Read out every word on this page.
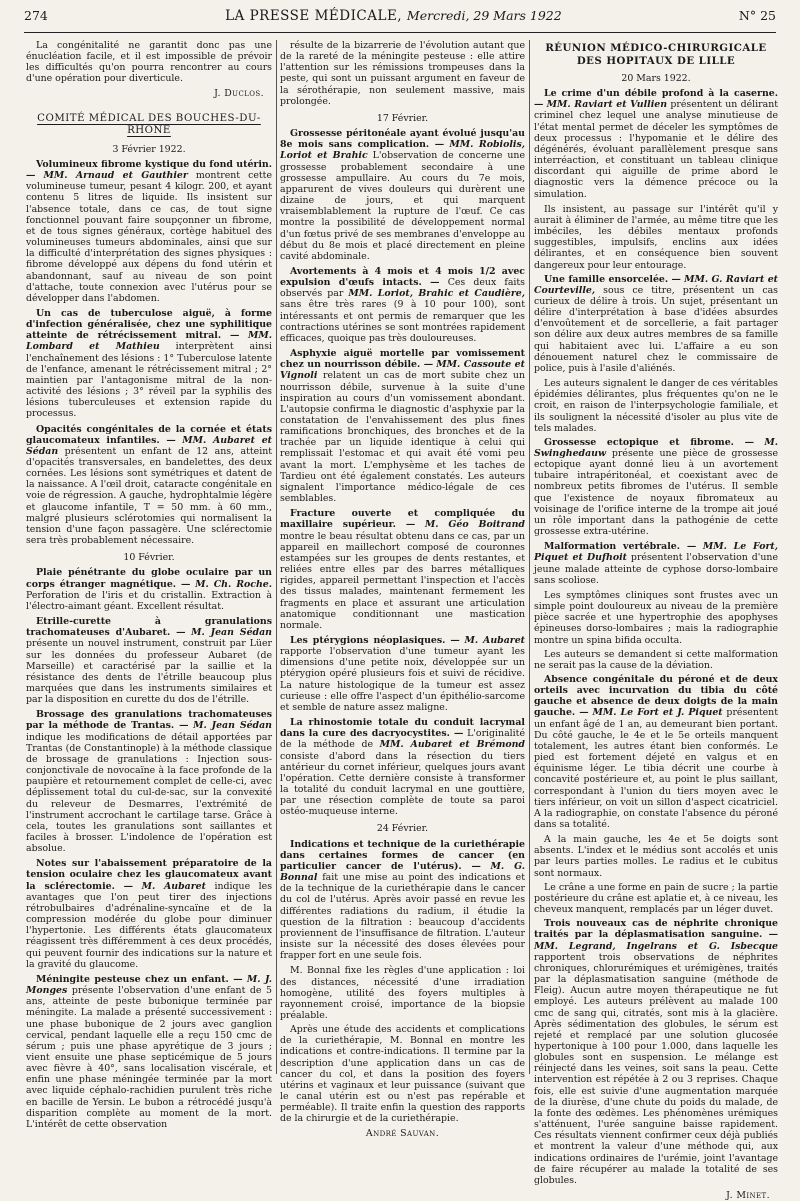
274	LA PRESSE MÉDICALE, Mercredi, 29 Mars 1922	N° 25

La congénitalité ne garantit donc pas une énucléation facile, et il est impossible de prévoir les difficultés qu'on pourra rencontrer au cours d'une opération pour diverticule.

J. Duclos.
COMITÉ MÉDICAL DES BOUCHES-DU-RHONE
3 Février 1922.
Volumineux fibrome kystique du fond utérin. — MM. Arnaud et Gauthier montrent cette volumineuse tumeur, pesant 4 kilogr. 200, et ayant contenu 5 litres de liquide. Ils insistent sur l'absence totale, dans ce cas, de tout signe fonctionnel pouvant faire soupçonner un fibrome, et de tous signes généraux, cortège habituel des volumineuses tumeurs abdominales, ainsi que sur la difficulté d'interprétation des signes physiques : fibrome développé aux dépens du fond utérin et abandonnant, sauf au niveau de son point d'attache, toute connexion avec l'utérus pour se développer dans l'abdomen.
Un cas de tuberculose aiguë, à forme d'infection généralisée, chez une syphilitique atteinte de rétrécissement mitral. — MM. Lombard et Mathieu interprètent ainsi l'enchaînement des lésions : 1° Tuberculose latente de l'enfance, amenant le rétrécissement mitral ; 2° maintien par l'antagonisme mitral de la non-activité des lésions ; 3° réveil par la syphilis des lésions tuberculeuses et extension rapide du processus.
Opacités congénitales de la cornée et états glaucomateux infantiles. — MM. Aubaret et Sédan présentent un enfant de 12 ans, atteint d'opacités transversales, en bandelettes, des deux cornées. Les lésions sont symétriques et datent de la naissance. A l'œil droit, cataracte congénitale en voie de régression. A gauche, hydrophtalmie légère et glaucome infantile, T = 50 mm. à 60 mm., malgré plusieurs sclérotomies qui normalisent la tension d'une façon passagère. Une sclérectomie sera très probablement nécessaire.
10 Février.
Plaie pénétrante du globe oculaire par un corps étranger magnétique. — M. Ch. Roche. Perforation de l'iris et du cristallin. Extraction à l'électro-aimant géant. Excellent résultat.
Etrille-curette à granulations trachomateuses d'Aubaret. — M. Jean Sédan présente un nouvel instrument, construit par Lüer sur les données du professeur Aubaret (de Marseille) et caractérisé par la saillie et la résistance des dents de l'étrille beaucoup plus marquées que dans les instruments similaires et par la disposition en curette du dos de l'étrille.
Brossage des granulations trachomateuses par la méthode de Trantas. — M. Jean Sédan indique les modifications de détail apportées par Trantas (de Constantinople) à la méthode classique de brossage de granulations : Injection sous-conjonctivale de novocaïne à la face profonde de la paupière et retournement complet de celle-ci, avec déplissement total du cul-de-sac, sur la convexité du releveur de Desmarres, l'extrémité de l'instrument accrochant le cartilage tarse. Grâce à cela, toutes les granulations sont saillantes et faciles à brosser. L'indolence de l'opération est absolue.
Notes sur l'abaissement préparatoire de la tension oculaire chez les glaucomateux avant la sclérectomie. — M. Aubaret indique les avantages que l'on peut tirer des injections rétrobulbaires d'adrénaline-syncaïne et de la compression modérée du globe pour diminuer l'hypertonie. Les différents états glaucomateux réagissent très différemment à ces deux procédés, qui peuvent fournir des indications sur la nature et la gravité du glaucome.
Méningite pesteuse chez un enfant. — M. J. Monges présente l'observation d'une enfant de 5 ans, atteinte de peste bubonique terminée par méningite. La malade a présenté successivement : une phase bubonique de 2 jours avec ganglion cervical, pendant laquelle elle a reçu 150 cmc de sérum ; puis une phase apyrétique de 3 jours ; vient ensuite une phase septicémique de 5 jours avec fièvre à 40°, sans localisation viscérale, et enfin une phase méningée terminée par la mort avec liquide céphalo-rachidien purulent très riche en bacille de Yersin. Le bubon a rétrocédé jusqu'à disparition complète au moment de la mort. L'intérêt de cette observation

résulte de la bizarrerie de l'évolution autant que de la rareté de la méningite pesteuse : elle attire l'attention sur les rémissions trompeuses dans la peste, qui sont un puissant argument en faveur de la sérothérapie, non seulement massive, mais prolongée.

17 Février.
Grossesse péritonéale ayant évolué jusqu'au 8e mois sans complication. — MM. Robiolis, Loriot et Brahic L'observation de concerne une grossesse probablement secondaire à une grossesse ampullaire. Au cours du 7e mois, apparurent de vives douleurs qui durèrent une dizaine de jours, et qui marquent vraisemblablement la rupture de l'œuf. Ce cas montre la possibilité de développement normal d'un fœtus privé de ses membranes d'enveloppe au début du 8e mois et placé directement en pleine cavité abdominale.
Avortements à 4 mois et 4 mois 1/2 avec expulsion d'œufs intacts. — Ces deux faits observés par MM. Loriot, Brahic et Caudière, sans être très rares (9 à 10 pour 100), sont intéressants et ont permis de remarquer que les contractions utérines se sont montrées rapidement efficaces, quoique pas très douloureuses.
Asphyxie aiguë mortelle par vomissement chez un nourrisson débile. — MM. Cassoute et Vignoli relatent un cas de mort subite chez un nourrisson débile, survenue à la suite d'une inspiration au cours d'un vomissement abondant. L'autopsie confirma le diagnostic d'asphyxie par la constatation de l'envahissement des plus fines ramifications bronchiques, des bronches et de la trachée par un liquide identique à celui qui remplissait l'estomac et qui avait été vomi peu avant la mort. L'emphysème et les taches de Tardieu ont été également constatés. Les auteurs signalent l'importance médico-légale de ces semblables.
Fracture ouverte et compliquée du maxillaire supérieur. — M. Géo Boitrand montre le beau résultat obtenu dans ce cas, par un appareil en maillechort composé de couronnes estampées sur les groupes de dents restantes, et reliées entre elles par des barres métalliques rigides, appareil permettant l'inspection et l'accès des tissus malades, maintenant fermement les fragments en place et assurant une articulation anatomique conditionnant une mastication normale.
Les ptérygions néoplasiques. — M. Aubaret rapporte l'observation d'une tumeur ayant les dimensions d'une petite noix, développée sur un ptérygion opéré plusieurs fois et suivi de récidive. La nature histologique de la tumeur est assez curieuse : elle offre l'aspect d'un épithélio-sarcome et semble de nature assez maligne.
La rhinostomie totale du conduit lacrymal dans la cure des dacryocystites. — L'originalité de la méthode de MM. Aubaret et Brémond consiste d'abord dans la résection du tiers antérieur du cornet inférieur, quelques jours avant l'opération. Cette dernière consiste à transformer la totalité du conduit lacrymal en une gouttière, par une résection complète de toute sa paroi ostéo-muqueuse interne.
24 Février.
Indications et technique de la curiethérapie dans certaines formes de cancer (en particulier cancer de l'utérus). — M. G. Bonnal fait une mise au point des indications et de la technique de la curiethérapie dans le cancer du col de l'utérus. Après avoir passé en revue les différentes radiations du radium, il étudie la question de la filtration : beaucoup d'accidents proviennent de l'insuffisance de filtration. L'auteur insiste sur la nécessité des doses élevées pour frapper fort en une seule fois.

M. Bonnal fixe les règles d'une application : loi des distances, nécessité d'une irradiation homogène, utilité des foyers multiples à rayonnement croisé, importance de la biopsie préalable.

Après une étude des accidents et complications de la curiethérapie, M. Bonnal en montre les indications et contre-indications. Il termine par la description d'une application dans un cas de cancer du col, et dans la position des foyers utérins et vaginaux et leur puissance (suivant que le canal utérin est ou n'est pas repérable et perméable). Il traite enfin la question des rapports de la chirurgie et de la curiethérapie.

André Sauvan.
RÉUNION MÉDICO-CHIRURGICALE DES HOPITAUX DE LILLE
20 Mars 1922.
Le crime d'un débile profond à la caserne. — MM. Raviart et Vullien présentent un délirant criminel chez lequel une analyse minutieuse de l'état mental permet de déceler les symptômes de deux processus : l'hypomanie et le délire des dégénérés, évoluant parallèlement presque sans interréaction, et constituant un tableau clinique discordant qui aiguille de prime abord le diagnostic vers la démence précoce ou la simulation.

Ils insistent, au passage sur l'intérêt qu'il y aurait à éliminer de l'armée, au même titre que les imbéciles, les débiles mentaux profonds suggestibles, impulsifs, enclins aux idées délirantes, et en conséquence bien souvent dangereux pour leur entourage.

Une famille ensorcelée. — MM. G. Raviart et Courteville, sous ce titre, présentent un cas curieux de délire à trois. Un sujet, présentant un délire d'interprétation à base d'idées absurdes d'envoûtement et de sorcellerie, a fait partager son délire aux deux autres membres de sa famille qui habitaient avec lui. L'affaire a eu son dénouement naturel chez le commissaire de police, puis à l'asile d'aliénés.

Les auteurs signalent le danger de ces véritables épidémies délirantes, plus fréquentes qu'on ne le croit, en raison de l'interpsychologie familiale, et ils soulignent la nécessité d'isoler au plus vite de tels malades.

Grossesse ectopique et fibrome. — M. Swinghedauw présente une pièce de grossesse ectopique ayant donné lieu à un avortement tubaire intrapéritonéal, et coexistant avec de nombreux petits fibromes de l'utérus. Il semble que l'existence de noyaux fibromateux au voisinage de l'orifice interne de la trompe ait joué un rôle important dans la pathogénie de cette grossesse extra-utérine.
Malformation vertébrale. — MM. Le Fort, Piquet et Dufhoit présentent l'observation d'une jeune malade atteinte de cyphose dorso-lombaire sans scoliose.

Les symptômes cliniques sont frustes avec un simple point douloureux au niveau de la première pièce sacrée et une hypertrophie des apophyses épineuses dorso-lombaires ; mais la radiographie montre un spina bifida occulta.

Les auteurs se demandent si cette malformation ne serait pas la cause de la déviation.

Absence congénitale du péroné et de deux orteils avec incurvation du tibia du côté gauche et absence de deux doigts de la main gauche. — MM. Le Fort et J. Piquet présentent un enfant âgé de 1 an, au demeurant bien portant. Du côté gauche, le 4e et le 5e orteils manquent totalement, les autres étant bien conformés. Le pied est fortement déjeté en valgus et en équinisme léger. Le tibia décrit une courbe à concavité postérieure et, au point le plus saillant, correspondant à l'union du tiers moyen avec le tiers inférieur, on voit un sillon d'aspect cicatriciel. A la radiographie, on constate l'absence du péroné dans sa totalité.

A la main gauche, les 4e et 5e doigts sont absents. L'index et le médius sont accolés et unis par leurs parties molles. Le radius et le cubitus sont normaux.

Le crâne a une forme en pain de sucre ; la partie postérieure du crâne est aplatie et, à ce niveau, les cheveux manquent, remplacés par un léger duvet.

Trois nouveaux cas de néphrite chronique traités par la déplasmatisation sanguine. — MM. Legrand, Ingelrans et G. Isbecque rapportent trois observations de néphrites chroniques, chlorurémiques et urémigènes, traités par la déplasmatisation sanguine (méthode de Fleig). Aucun autre moyen thérapeutique ne fut employé. Les auteurs prélèvent au malade 100 cmc de sang qui, citratés, sont mis à la glacière. Après sédimentation des globules, le sérum est rejeté et remplacé par une solution glucosée hypertonique à 100 pour 1.000, dans laquelle les globules sont en suspension. Le mélange est réinjecté dans les veines, soit sans la peau. Cette intervention est répétée à 2 ou 3 reprises. Chaque fois, elle est suivie d'une augmentation marquée de la diurèse, d'une chute du poids du malade, de la fonte des œdèmes. Les phénomènes urémiques s'atténuent, l'urée sanguine baisse rapidement. Ces résultats viennent confirmer ceux déjà publiés et montrent la valeur d'une méthode qui, aux indications ordinaires de l'urémie, joint l'avantage de faire récupérer au malade la totalité de ses globules.
J. Minet.
